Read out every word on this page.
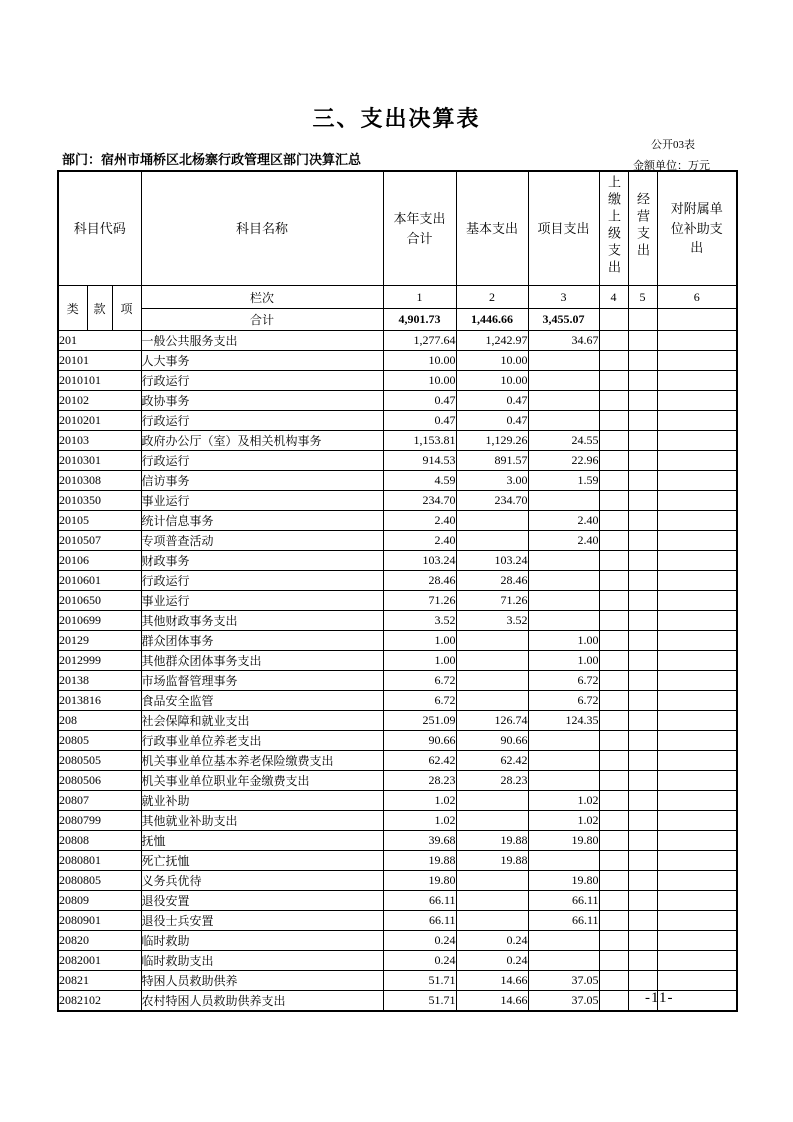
三、支出决算表
公开03表
部门：宿州市埇桥区北杨寨行政管理区部门决算汇总	金额单位：万元
科目代码			科目名称	本年支出合计	基本支出	项目支出	上缴上级支出	经营支出	对附属单位补助支出
类	款	项	栏次	1	2	3	4	5	6
			合计	4,901.73	1,446.66	3,455.07			
201			一般公共服务支出	1,277.64	1,242.97	34.67			
20101			人大事务	10.00	10.00				
2010101			行政运行	10.00	10.00				
20102			政协事务	0.47	0.47				
2010201			行政运行	0.47	0.47				
20103			政府办公厅（室）及相关机构事务	1,153.81	1,129.26	24.55			
2010301			行政运行	914.53	891.57	22.96			
2010308			信访事务	4.59	3.00	1.59			
2010350			事业运行	234.70	234.70				
20105			统计信息事务	2.40		2.40			
2010507			专项普查活动	2.40		2.40			
20106			财政事务	103.24	103.24				
2010601			行政运行	28.46	28.46				
2010650			事业运行	71.26	71.26				
2010699			其他财政事务支出	3.52	3.52				
20129			群众团体事务	1.00		1.00			
2012999			其他群众团体事务支出	1.00		1.00			
20138			市场监督管理事务	6.72		6.72			
2013816			食品安全监管	6.72		6.72			
208			社会保障和就业支出	251.09	126.74	124.35			
20805			行政事业单位养老支出	90.66	90.66				
2080505			机关事业单位基本养老保险缴费支出	62.42	62.42				
2080506			机关事业单位职业年金缴费支出	28.23	28.23				
20807			就业补助	1.02		1.02			
2080799			其他就业补助支出	1.02		1.02			
20808			抚恤	39.68	19.88	19.80			
2080801			死亡抚恤	19.88	19.88				
2080805			义务兵优待	19.80		19.80			
20809			退役安置	66.11		66.11			
2080901			退役士兵安置	66.11		66.11			
20820			临时救助	0.24	0.24				
2082001			临时救助支出	0.24	0.24				
20821			特困人员救助供养	51.71	14.66	37.05			
2082102			农村特困人员救助供养支出	51.71	14.66	37.05				-11-
